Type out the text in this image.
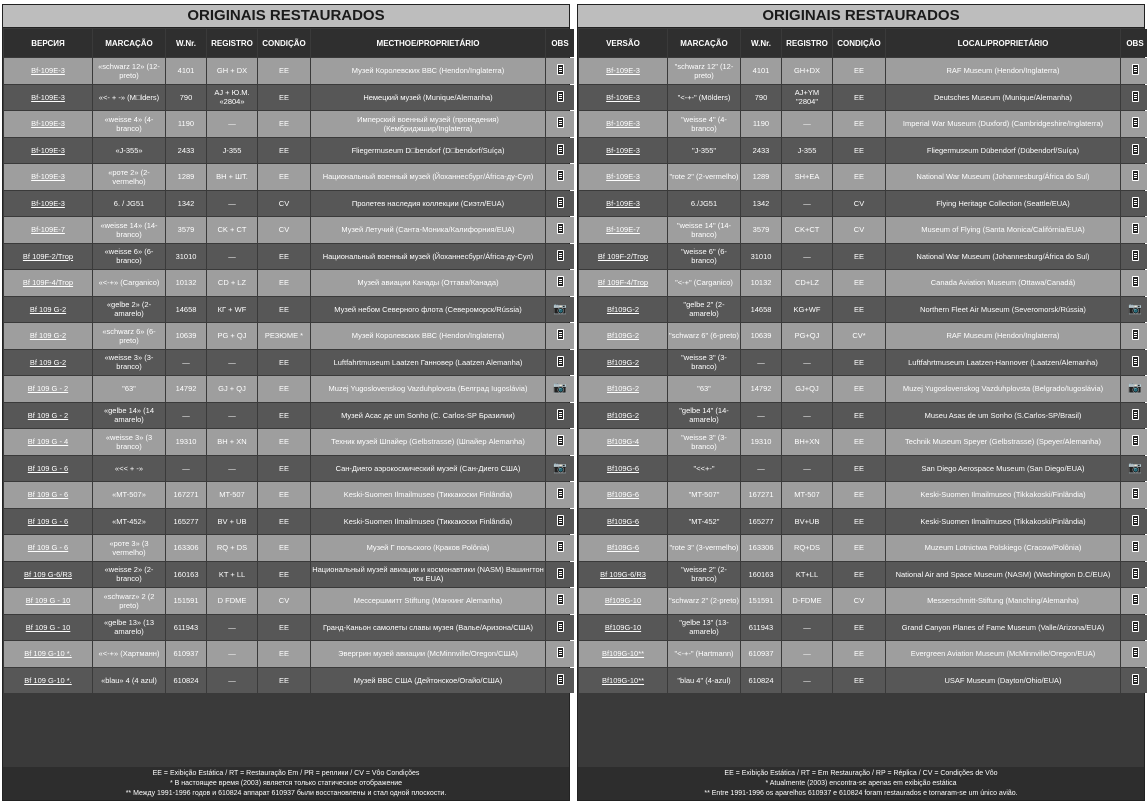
ORIGINAIS RESTAURADOS
ВЕРСИЯ	MARCAÇÃO	W.Nr.	REGISTRO	CONDIÇÃO	МЕСТНОЕ/PROPRIETÁRIO	OBS
Bf-109E-3	«schwarz 12» (12-preto)	4101	GH + DX	EE	Музей Королевских ВВС (Hendon/Inglaterra)	
Bf-109E-3	«<- + -» (M□lders)	790	AJ + Ю.М. «2804»	EE	Немецкий музей (Munique/Alemanha)	
Bf-109E-3	«weisse 4» (4-branco)	1190	—	EE	Имперский военный музей (проведения) (Кембриджшир/Inglaterra)	
Bf-109E-3	«J-355»	2433	J-355	EE	Fliegermuseum D□bendorf (D□bendorf/Suíça)	
Bf-109E-3	«роте 2» (2-vermelho)	1289	BH + ШТ.	EE	Национальный военный музей (Йоханнесбург/África-ду-Сул)	
Bf-109E-3	6. / JG51	1342	—	CV	Пролетев наследия коллекции (Сиэтл/EUA)	
Bf-109E-7	«weisse 14» (14-branco)	3579	CK + CT	CV	Музей Летучий (Санта-Моника/Калифорния/EUA)	
Bf 109F-2/Trop	«weisse 6» (6-branco)	31010	—	EE	Национальный военный музей (Йоханнесбург/África-ду-Сул)	
Bf 109F-4/Trop	«<-+» (Carganico)	10132	CD + LZ	EE	Музей авиации Канады (Оттава/Канада)	
Bf 109 G-2	«gelbe 2» (2-amarelo)	14658	КГ + WF	EE	Музей небом Северного флота (Североморск/Rússia)	📷
Bf 109 G-2	«schwarz 6» (6-preto)	10639	PG + QJ	РЕЗЮМЕ *	Музей Королевских ВВС (Hendon/Inglaterra)	
Bf 109 G-2	«weisse 3» (3-branco)	—	—	EE	Luftfahrtmuseum Laatzen Ганновер (Laatzen Alemanha)	
Bf 109 G - 2	"63"	14792	GJ + QJ	EE	Muzej Yugoslovenskog Vazduhplovsta (Белград Iugoslávia)	📷
Bf 109 G - 2	«gelbe 14» (14 amarelo)	—	—	EE	Музей Асас де um Sonho (С. Carlos-SP Бразилии)	
Bf 109 G - 4	«weisse 3» (3 branco)	19310	BH + XN	EE	Техник музей Шпайер (Gelbstrasse) (Шпайер Alemanha)	
Bf 109 G - 6	«<< + -»	—	—	EE	Сан-Диего аэрокосмический музей (Сан-Диего США)	📷
Bf 109 G - 6	«MT-507»	167271	MT-507	EE	Keski-Suomen Ilmailmuseo (Тиккакоски Finlândia)	
Bf 109 G - 6	«MT-452»	165277	BV + UB	EE	Keski-Suomen Ilmailmuseo (Тиккакоски Finlândia)	
Bf 109 G - 6	«роте 3» (3 vermelho)	163306	RQ + DS	EE	Музей Г польского (Краков Polônia)	
Bf 109 G-6/R3	«weisse 2» (2-branco)	160163	KT + LL	EE	Национальный музей авиации и космонавтики (NASM) Вашингтон ток EUA)	
Bf 109 G - 10	«schwarz» 2 (2 preto)	151591	D FDME	CV	Мессершмитт Stiftung (Манхинг Alemanha)	
Bf 109 G - 10	«gelbe 13» (13 amarelo)	611943	—	EE	Гранд-Каньон самолеты славы музея (Валье/Аризона/США)	
Bf 109 G-10 *.	«<-+» (Хартманн)	610937	—	EE	Эвергрин музей авиации (McMinnville/Oregon/США)	
Bf 109 G-10 *.	«blau» 4 (4 azul)	610824	—	EE	Музей ВВС США (Дейтонское/Огайо/США)	
EE = Exibição Estática / RT = Restauração Em / PR = реплики / CV = Vôo Condições
* В настоящее время (2003) является только статическое отображение
** Между 1991-1996 годов и 610824 аппарат 610937 были восстановлены и стал одной плоскости.
ORIGINAIS RESTAURADOS
VERSÃO	MARCAÇÃO	W.Nr.	REGISTRO	CONDIÇÃO	LOCAL/PROPRIETÁRIO	OBS
Bf-109E-3	"schwarz 12" (12-preto)	4101	GH+DX	EE	RAF Museum (Hendon/Inglaterra)	
Bf-109E-3	"<-+-" (Mölders)	790	AJ+YM "2804"	EE	Deutsches Museum (Munique/Alemanha)	
Bf-109E-3	"weisse 4" (4-branco)	1190	—	EE	Imperial War Museum (Duxford) (Cambridgeshire/Inglaterra)	
Bf-109E-3	"J-355"	2433	J-355	EE	Fliegermuseum Dübendorf (Dübendorf/Suíça)	
Bf-109E-3	"rote 2" (2-vermelho)	1289	SH+EA	EE	National War Museum (Johannesburg/África do Sul)	
Bf-109E-3	6./JG51	1342	—	CV	Flying Heritage Collection (Seattle/EUA)	
Bf-109E-7	"weisse 14" (14-branco)	3579	CK+CT	CV	Museum of Flying (Santa Monica/Califórnia/EUA)	
Bf 109F-2/Trop	"weisse 6" (6-branco)	31010	—	EE	National War Museum (Johannesburg/África do Sul)	
Bf 109F-4/Trop	"<-+" (Carganico)	10132	CD+LZ	EE	Canada Aviation Museum (Ottawa/Canadá)	
Bf109G-2	"gelbe 2" (2-amarelo)	14658	KG+WF	EE	Northern Fleet Air Museum (Severomorsk/Rússia)	📷
Bf109G-2	"schwarz 6" (6-preto)	10639	PG+QJ	CV*	RAF Museum (Hendon/Inglaterra)	
Bf109G-2	"weisse 3" (3-branco)	—	—	EE	Luftfahrtmuseum Laatzen-Hannover (Laatzen/Alemanha)	
Bf109G-2	"63"	14792	GJ+QJ	EE	Muzej Yugoslovenskog Vazduhplovsta (Belgrado/Iugoslávia)	📷
Bf109G-2	"gelbe 14" (14-amarelo)	—	—	EE	Museu Asas de um Sonho (S.Carlos-SP/Brasil)	
Bf109G-4	"weisse 3" (3-branco)	19310	BH+XN	EE	Technik Museum Speyer (Gelbstrasse) (Speyer/Alemanha)	
Bf109G-6	"<<+-"	—	—	EE	San Diego Aerospace Museum (San Diego/EUA)	📷
Bf109G-6	"MT-507"	167271	MT-507	EE	Keski-Suomen Ilmailmuseo (Tikkakoski/Finlândia)	
Bf109G-6	"MT-452"	165277	BV+UB	EE	Keski-Suomen Ilmailmuseo (Tikkakoski/Finlândia)	
Bf109G-6	"rote 3" (3-vermelho)	163306	RQ+DS	EE	Muzeum Lotnictwa Polskiego (Cracow/Polônia)	
Bf 109G-6/R3	"weisse 2" (2-branco)	160163	KT+LL	EE	National Air and Space Museum (NASM) (Washington D.C/EUA)	
Bf109G-10	"schwarz 2" (2-preto)	151591	D-FDME	CV	Messerschmitt-Stiftung (Manching/Alemanha)	
Bf109G-10	"gelbe 13" (13-amarelo)	611943	—	EE	Grand Canyon Planes of Fame Museum (Valle/Arizona/EUA)	
Bf109G-10**	"<-+-" (Hartmann)	610937	—	EE	Evergreen Aviation Museum (McMinnville/Oregon/EUA)	
Bf109G-10**	"blau 4" (4-azul)	610824	—	EE	USAF Museum (Dayton/Ohio/EUA)	
EE = Exibição Estática / RT = Em Restauração / RP = Réplica / CV = Condições de Vôo
* Atualmente (2003) encontra-se apenas em exibição estática
** Entre 1991-1996 os aparelhos 610937 e 610824 foram restaurados e tornaram-se um único avião.
